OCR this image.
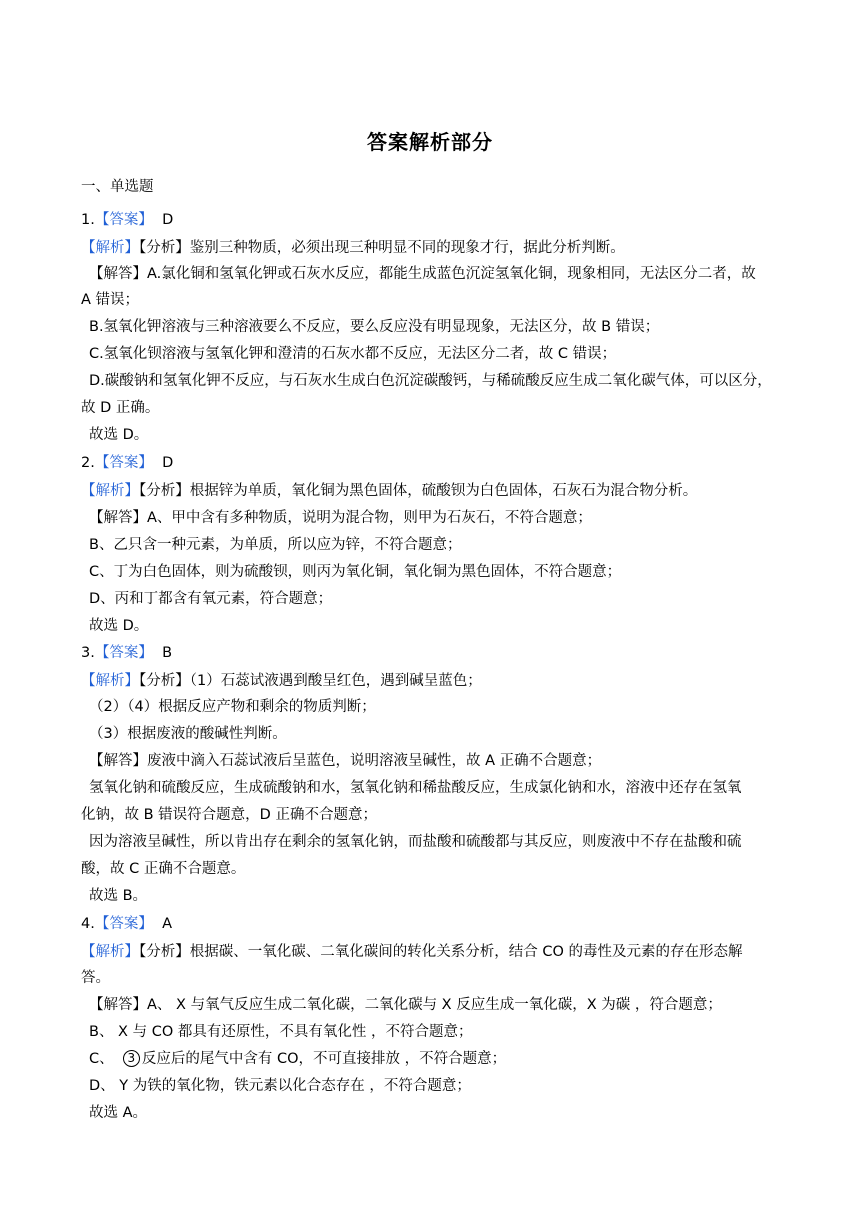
答案解析部分
一、单选题
1.【答案】 D
【解析】【分析】鉴别三种物质，必须出现三种明显不同的现象才行，据此分析判断。
【解答】A.氯化铜和氢氧化钾或石灰水反应，都能生成蓝色沉淀氢氧化铜，现象相同，无法区分二者，故
A 错误；
B.氢氧化钾溶液与三种溶液要么不反应，要么反应没有明显现象，无法区分，故 B 错误；
C.氢氧化钡溶液与氢氧化钾和澄清的石灰水都不反应，无法区分二者，故 C 错误；
D.碳酸钠和氢氧化钾不反应，与石灰水生成白色沉淀碳酸钙，与稀硫酸反应生成二氧化碳气体，可以区分，
故 D 正确。
故选 D。
2.【答案】 D
【解析】【分析】根据锌为单质，氧化铜为黑色固体，硫酸钡为白色固体，石灰石为混合物分析。
【解答】A、甲中含有多种物质，说明为混合物，则甲为石灰石，不符合题意；
B、乙只含一种元素，为单质，所以应为锌，不符合题意；
C、丁为白色固体，则为硫酸钡，则丙为氧化铜，氧化铜为黑色固体，不符合题意；
D、丙和丁都含有氧元素，符合题意；
故选 D。
3.【答案】 B
【解析】【分析】（1）石蕊试液遇到酸呈红色，遇到碱呈蓝色；
（2）（4）根据反应产物和剩余的物质判断；
（3）根据废液的酸碱性判断。
【解答】废液中滴入石蕊试液后呈蓝色，说明溶液呈碱性，故 A 正确不合题意；
氢氧化钠和硫酸反应，生成硫酸钠和水，氢氧化钠和稀盐酸反应，生成氯化钠和水，溶液中还存在氢氧
化钠，故 B 错误符合题意，D 正确不合题意；
因为溶液呈碱性，所以肯出存在剩余的氢氧化钠，而盐酸和硫酸都与其反应，则废液中不存在盐酸和硫
酸，故 C 正确不合题意。
故选 B。
4.【答案】 A
【解析】【分析】根据碳、一氧化碳、二氧化碳间的转化关系分析，结合 CO 的毒性及元素的存在形态解
答。
【解答】A、 X 与氧气反应生成二氧化碳，二氧化碳与 X 反应生成一氧化碳，X 为碳 ，符合题意；
B、 X 与 CO 都具有还原性，不具有氧化性 ，不符合题意；
C、 3 反应后的尾气中含有 CO，不可直接排放 ，不符合题意；
D、 Y 为铁的氧化物，铁元素以化合态存在 ，不符合题意；
故选 A。
